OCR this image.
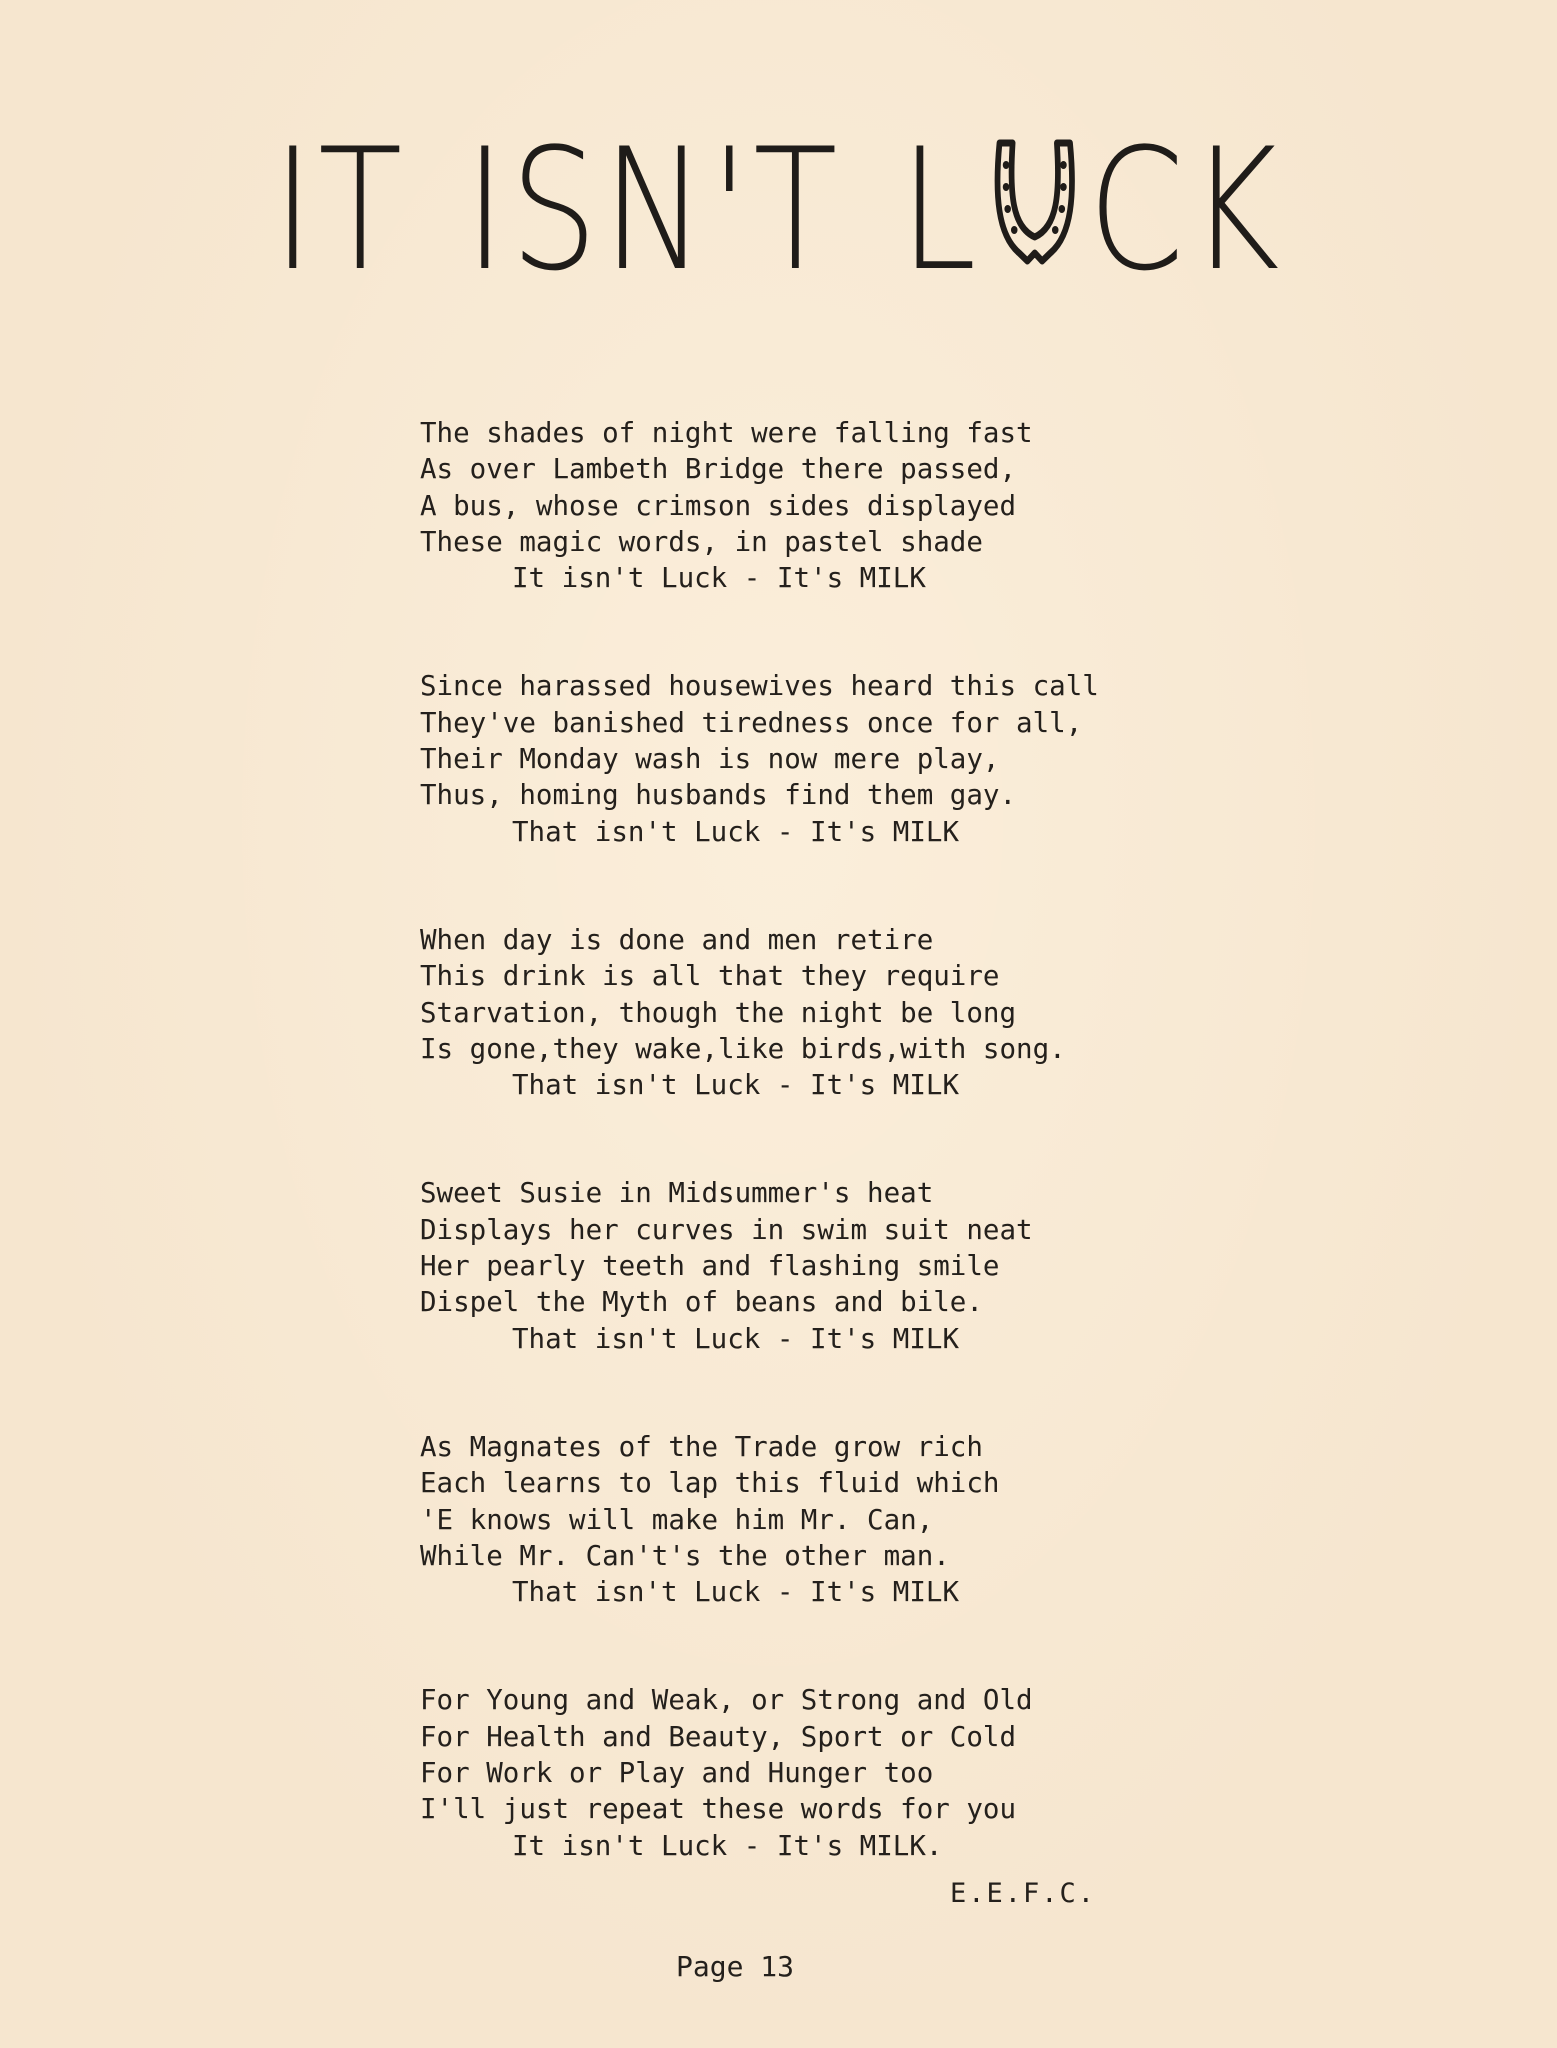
IT ISN'T L CK
The shades of night were falling fast
As over Lambeth Bridge there passed,
A bus, whose crimson sides displayed
These magic words, in pastel shade
It isn't Luck - It's MILK
Since harassed housewives heard this call
They've banished tiredness once for all,
Their Monday wash is now mere play,
Thus, homing husbands find them gay.
That isn't Luck - It's MILK
When day is done and men retire
This drink is all that they require
Starvation, though the night be long
Is gone,they wake,like birds,with song.
That isn't Luck - It's MILK
Sweet Susie in Midsummer's heat
Displays her curves in swim suit neat
Her pearly teeth and flashing smile
Dispel the Myth of beans and bile.
That isn't Luck - It's MILK
As Magnates of the Trade grow rich
Each learns to lap this fluid which
'E knows will make him Mr. Can,
While Mr. Can't's the other man.
That isn't Luck - It's MILK
For Young and Weak, or Strong and Old
For Health and Beauty, Sport or Cold
For Work or Play and Hunger too
I'll just repeat these words for you
It isn't Luck - It's MILK.
E.E.F.C.
Page 13
